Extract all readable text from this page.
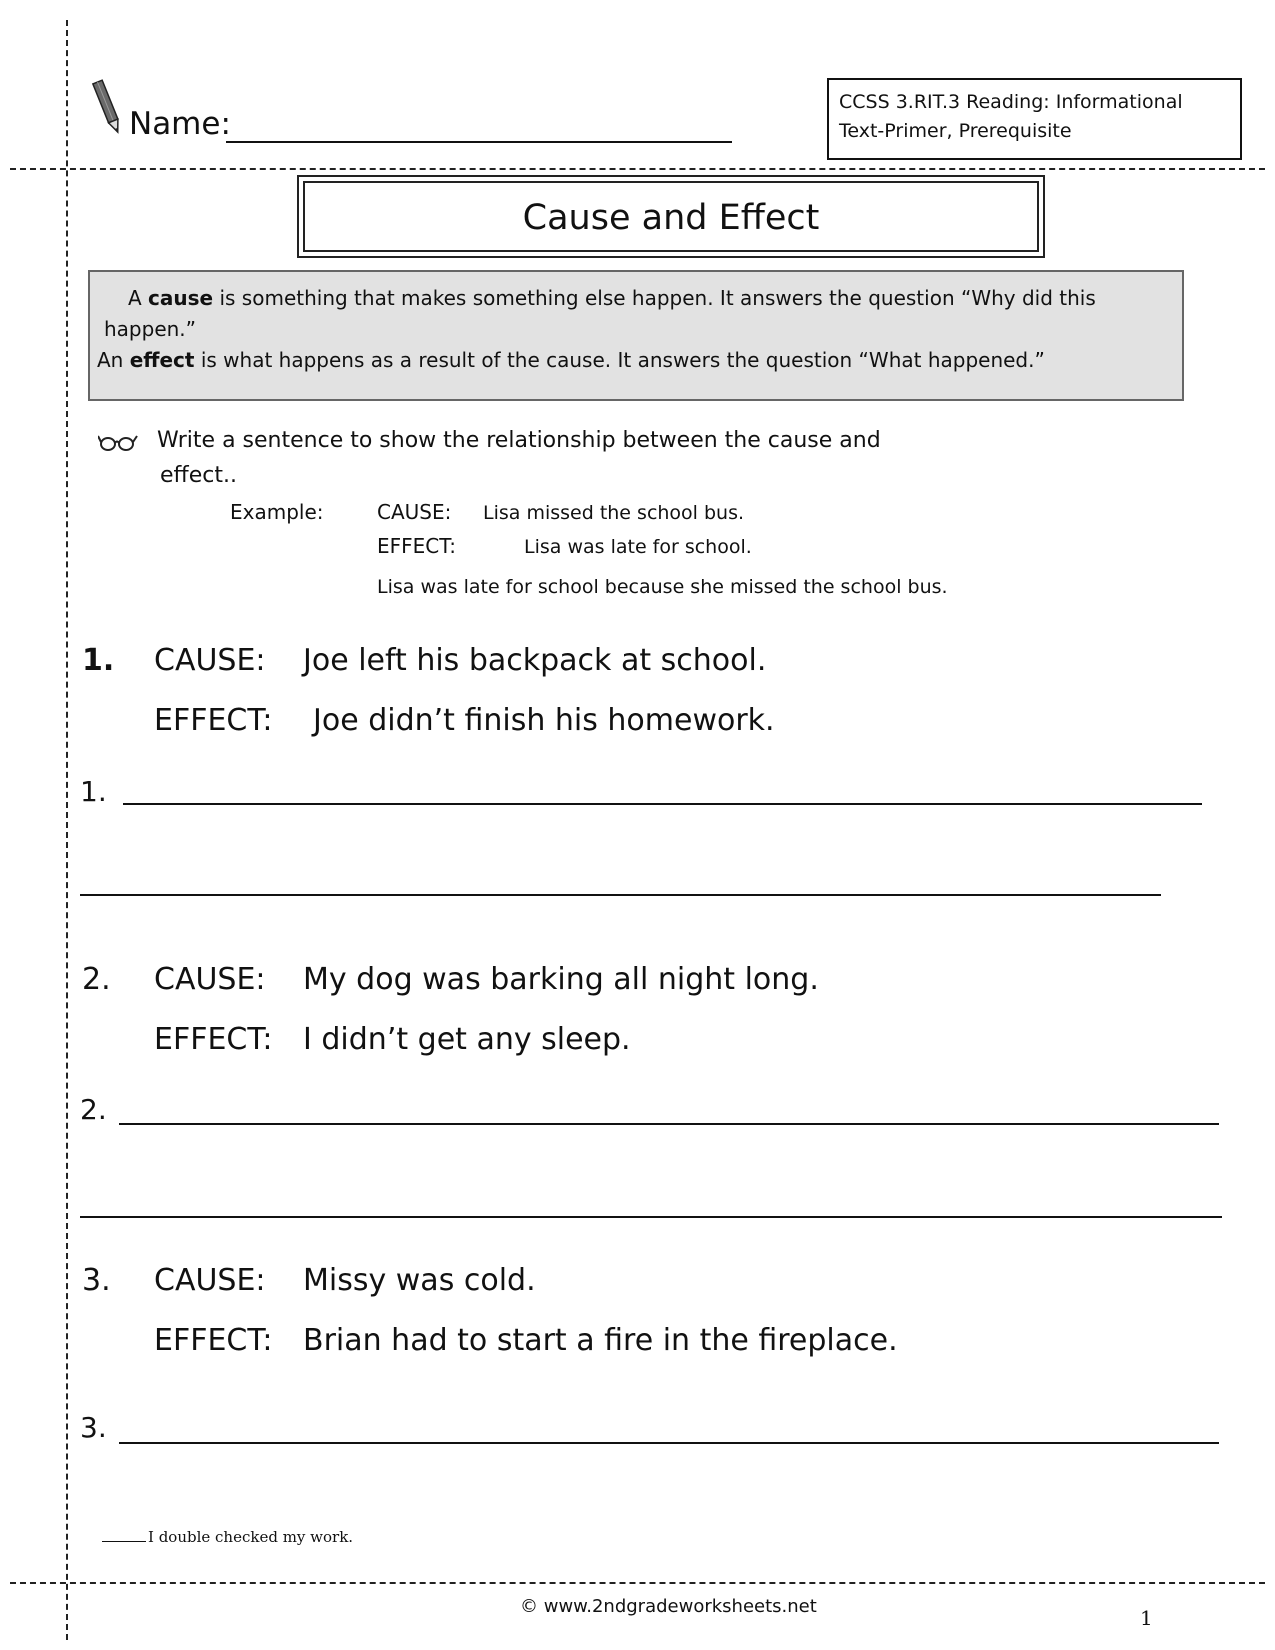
Name:
CCSS 3.RIT.3 Reading: Informational
Text-Primer, Prerequisite
Cause and Effect
A cause is something that makes something else happen. It answers the question “Why did this
happen.”
An effect is what happens as a result of the cause. It answers the question “What happened.”
Write a sentence to show the relationship between the cause and
effect..
Example:	CAUSE: Lisa missed the school bus.
EFFECT:	Lisa was late for school.
Lisa was late for school because she missed the school bus.
1. CAUSE: Joe left his backpack at school.
EFFECT: Joe didn’t finish his homework.
1.
2. CAUSE: My dog was barking all night long.
EFFECT: I didn’t get any sleep.
2.
3. CAUSE: Missy was cold.
EFFECT: Brian had to start a fire in the fireplace.
3.
I double checked my work.
© www.2ndgradeworksheets.net	1
